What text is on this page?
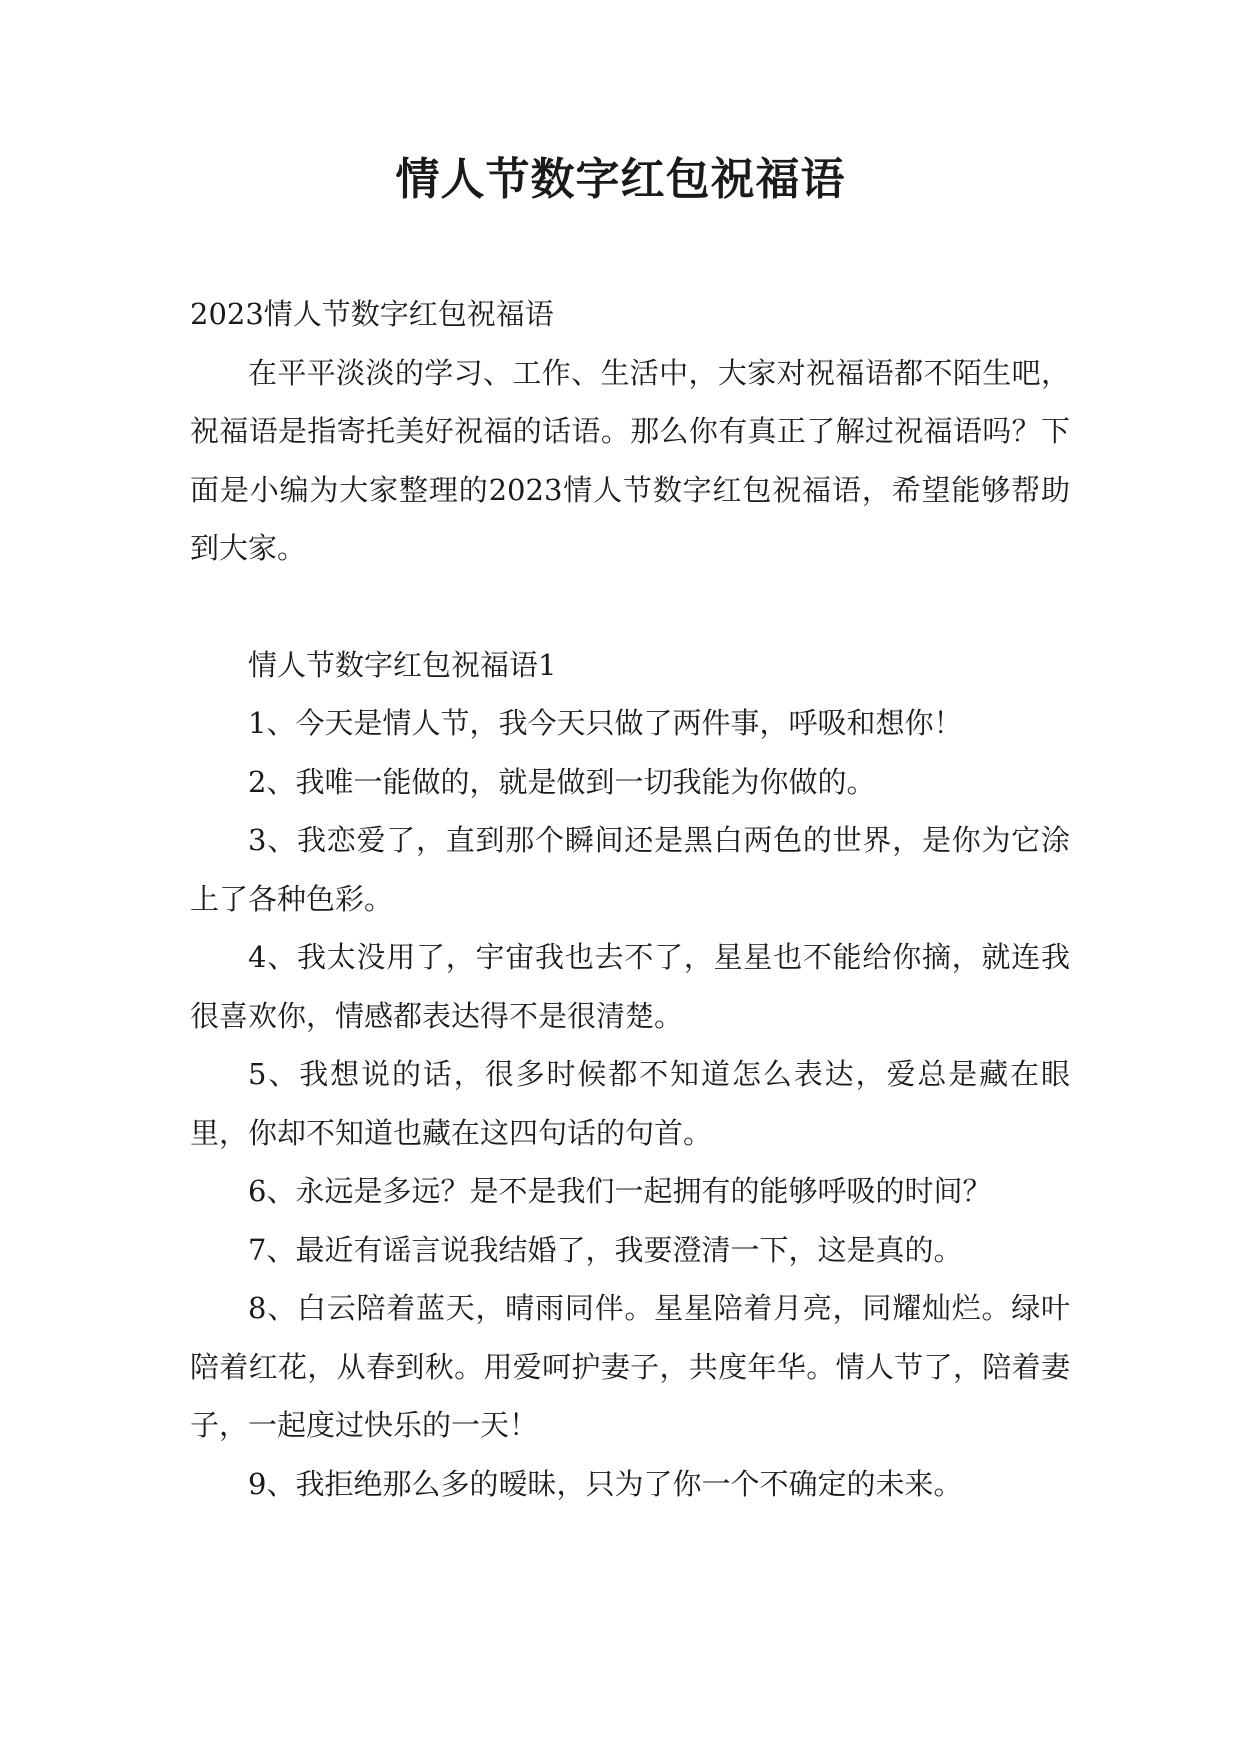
情人节数字红包祝福语

2023情人节数字红包祝福语

在平平淡淡的学习、工作、生活中，大家对祝福语都不陌生吧，祝福语是指寄托美好祝福的话语。那么你有真正了解过祝福语吗？下面是小编为大家整理的2023情人节数字红包祝福语，希望能够帮助到大家。

情人节数字红包祝福语1

1、今天是情人节，我今天只做了两件事，呼吸和想你！

2、我唯一能做的，就是做到一切我能为你做的。

3、我恋爱了，直到那个瞬间还是黑白两色的世界，是你为它涂上了各种色彩。

4、我太没用了，宇宙我也去不了，星星也不能给你摘，就连我很喜欢你，情感都表达得不是很清楚。

5、我想说的话，很多时候都不知道怎么表达，爱总是藏在眼里，你却不知道也藏在这四句话的句首。

6、永远是多远？是不是我们一起拥有的能够呼吸的时间？

7、最近有谣言说我结婚了，我要澄清一下，这是真的。

8、白云陪着蓝天，晴雨同伴。星星陪着月亮，同耀灿烂。绿叶陪着红花，从春到秋。用爱呵护妻子，共度年华。情人节了，陪着妻子，一起度过快乐的一天！

9、我拒绝那么多的暧昧，只为了你一个不确定的未来。
